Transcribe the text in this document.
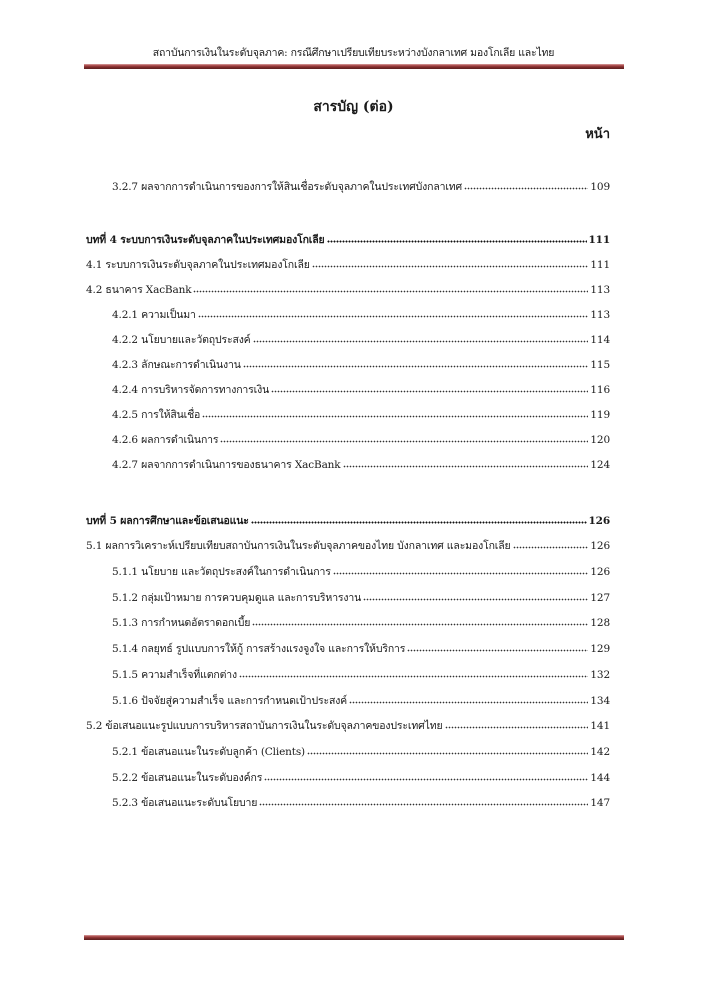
สถาบันการเงินในระดับจุลภาค: กรณีศึกษาเปรียบเทียบระหว่างบังกลาเทศ มองโกเลีย และไทย
สารบัญ (ต่อ)
หน้า
3.2.7 ผลจากการดำเนินการของการให้สินเชื่อระดับจุลภาคในประเทศบังกลาเทศ	109
บทที่ 4 ระบบการเงินระดับจุลภาคในประเทศมองโกเลีย	111
4.1 ระบบการเงินระดับจุลภาคในประเทศมองโกเลีย	111
4.2 ธนาคาร XacBank	113
4.2.1 ความเป็นมา	113
4.2.2 นโยบายและวัตถุประสงค์	114
4.2.3 ลักษณะการดำเนินงาน	115
4.2.4 การบริหารจัดการทางการเงิน	116
4.2.5 การให้สินเชื่อ	119
4.2.6 ผลการดำเนินการ	120
4.2.7 ผลจากการดำเนินการของธนาคาร XacBank	124
บทที่ 5 ผลการศึกษาและข้อเสนอแนะ	126
5.1 ผลการวิเคราะห์เปรียบเทียบสถาบันการเงินในระดับจุลภาคของไทย บังกลาเทศ และมองโกเลีย	126
5.1.1 นโยบาย และวัตถุประสงค์ในการดำเนินการ	126
5.1.2 กลุ่มเป้าหมาย การควบคุมดูแล และการบริหารงาน	127
5.1.3 การกำหนดอัตราดอกเบี้ย	128
5.1.4 กลยุทธ์ รูปแบบการให้กู้ การสร้างแรงจูงใจ และการให้บริการ	129
5.1.5 ความสำเร็จที่แตกต่าง	132
5.1.6 ปัจจัยสู่ความสำเร็จ และการกำหนดเป้าประสงค์	134
5.2 ข้อเสนอแนะรูปแบบการบริหารสถาบันการเงินในระดับจุลภาคของประเทศไทย	141
5.2.1 ข้อเสนอแนะในระดับลูกค้า (Clients)	142
5.2.2 ข้อเสนอแนะในระดับองค์กร	144
5.2.3 ข้อเสนอแนะระดับนโยบาย	147
